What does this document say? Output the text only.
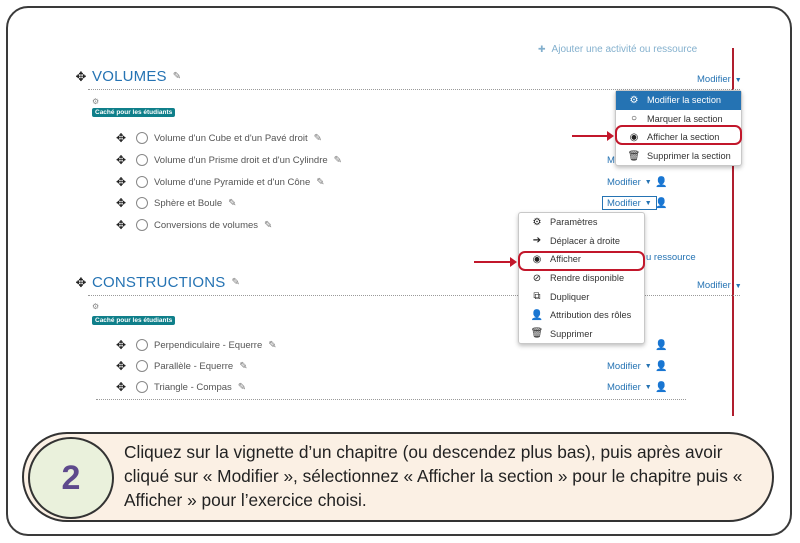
✚ Ajouter une activité ou ressource
✥ VOLUMES ✎	Modifier ▼
⚙
Caché pour les étudiants
✥	Volume d'un Cube et d'un Pavé droit ✎
✥	Volume d'un Prisme droit et d'un Cylindre ✎	M
✥	Volume d'une Pyramide et d'un Cône ✎	Modifier ▼ 👤
✥	Sphère et Boule ✎	Modifier ▼ 👤
✥	Conversions de volumes ✎
u ressource
✥ CONSTRUCTIONS ✎	Modifier ▼
⚙
Caché pour les étudiants
✥	Perpendiculaire - Equerre ✎	👤
✥	Parallèle - Equerre ✎	Modifier ▼ 👤
✥	Triangle - Compas ✎	Modifier ▼ 👤
⚙ Modifier la section
○	Marquer la section
◉ Afficher la section
🗑 Supprimer la section
⚙ Paramètres
➔ Déplacer à droite
◉ Afficher
⊘ Rendre disponible
⧉	Dupliquer
👤 Attribution des rôles
🗑 Supprimer
2
Cliquez sur la vignette d’un chapitre (ou descendez plus bas), puis après avoir cliqué sur « Modifier », sélectionnez « Afficher la section » pour le chapitre puis « Afficher » pour l’exercice choisi.
